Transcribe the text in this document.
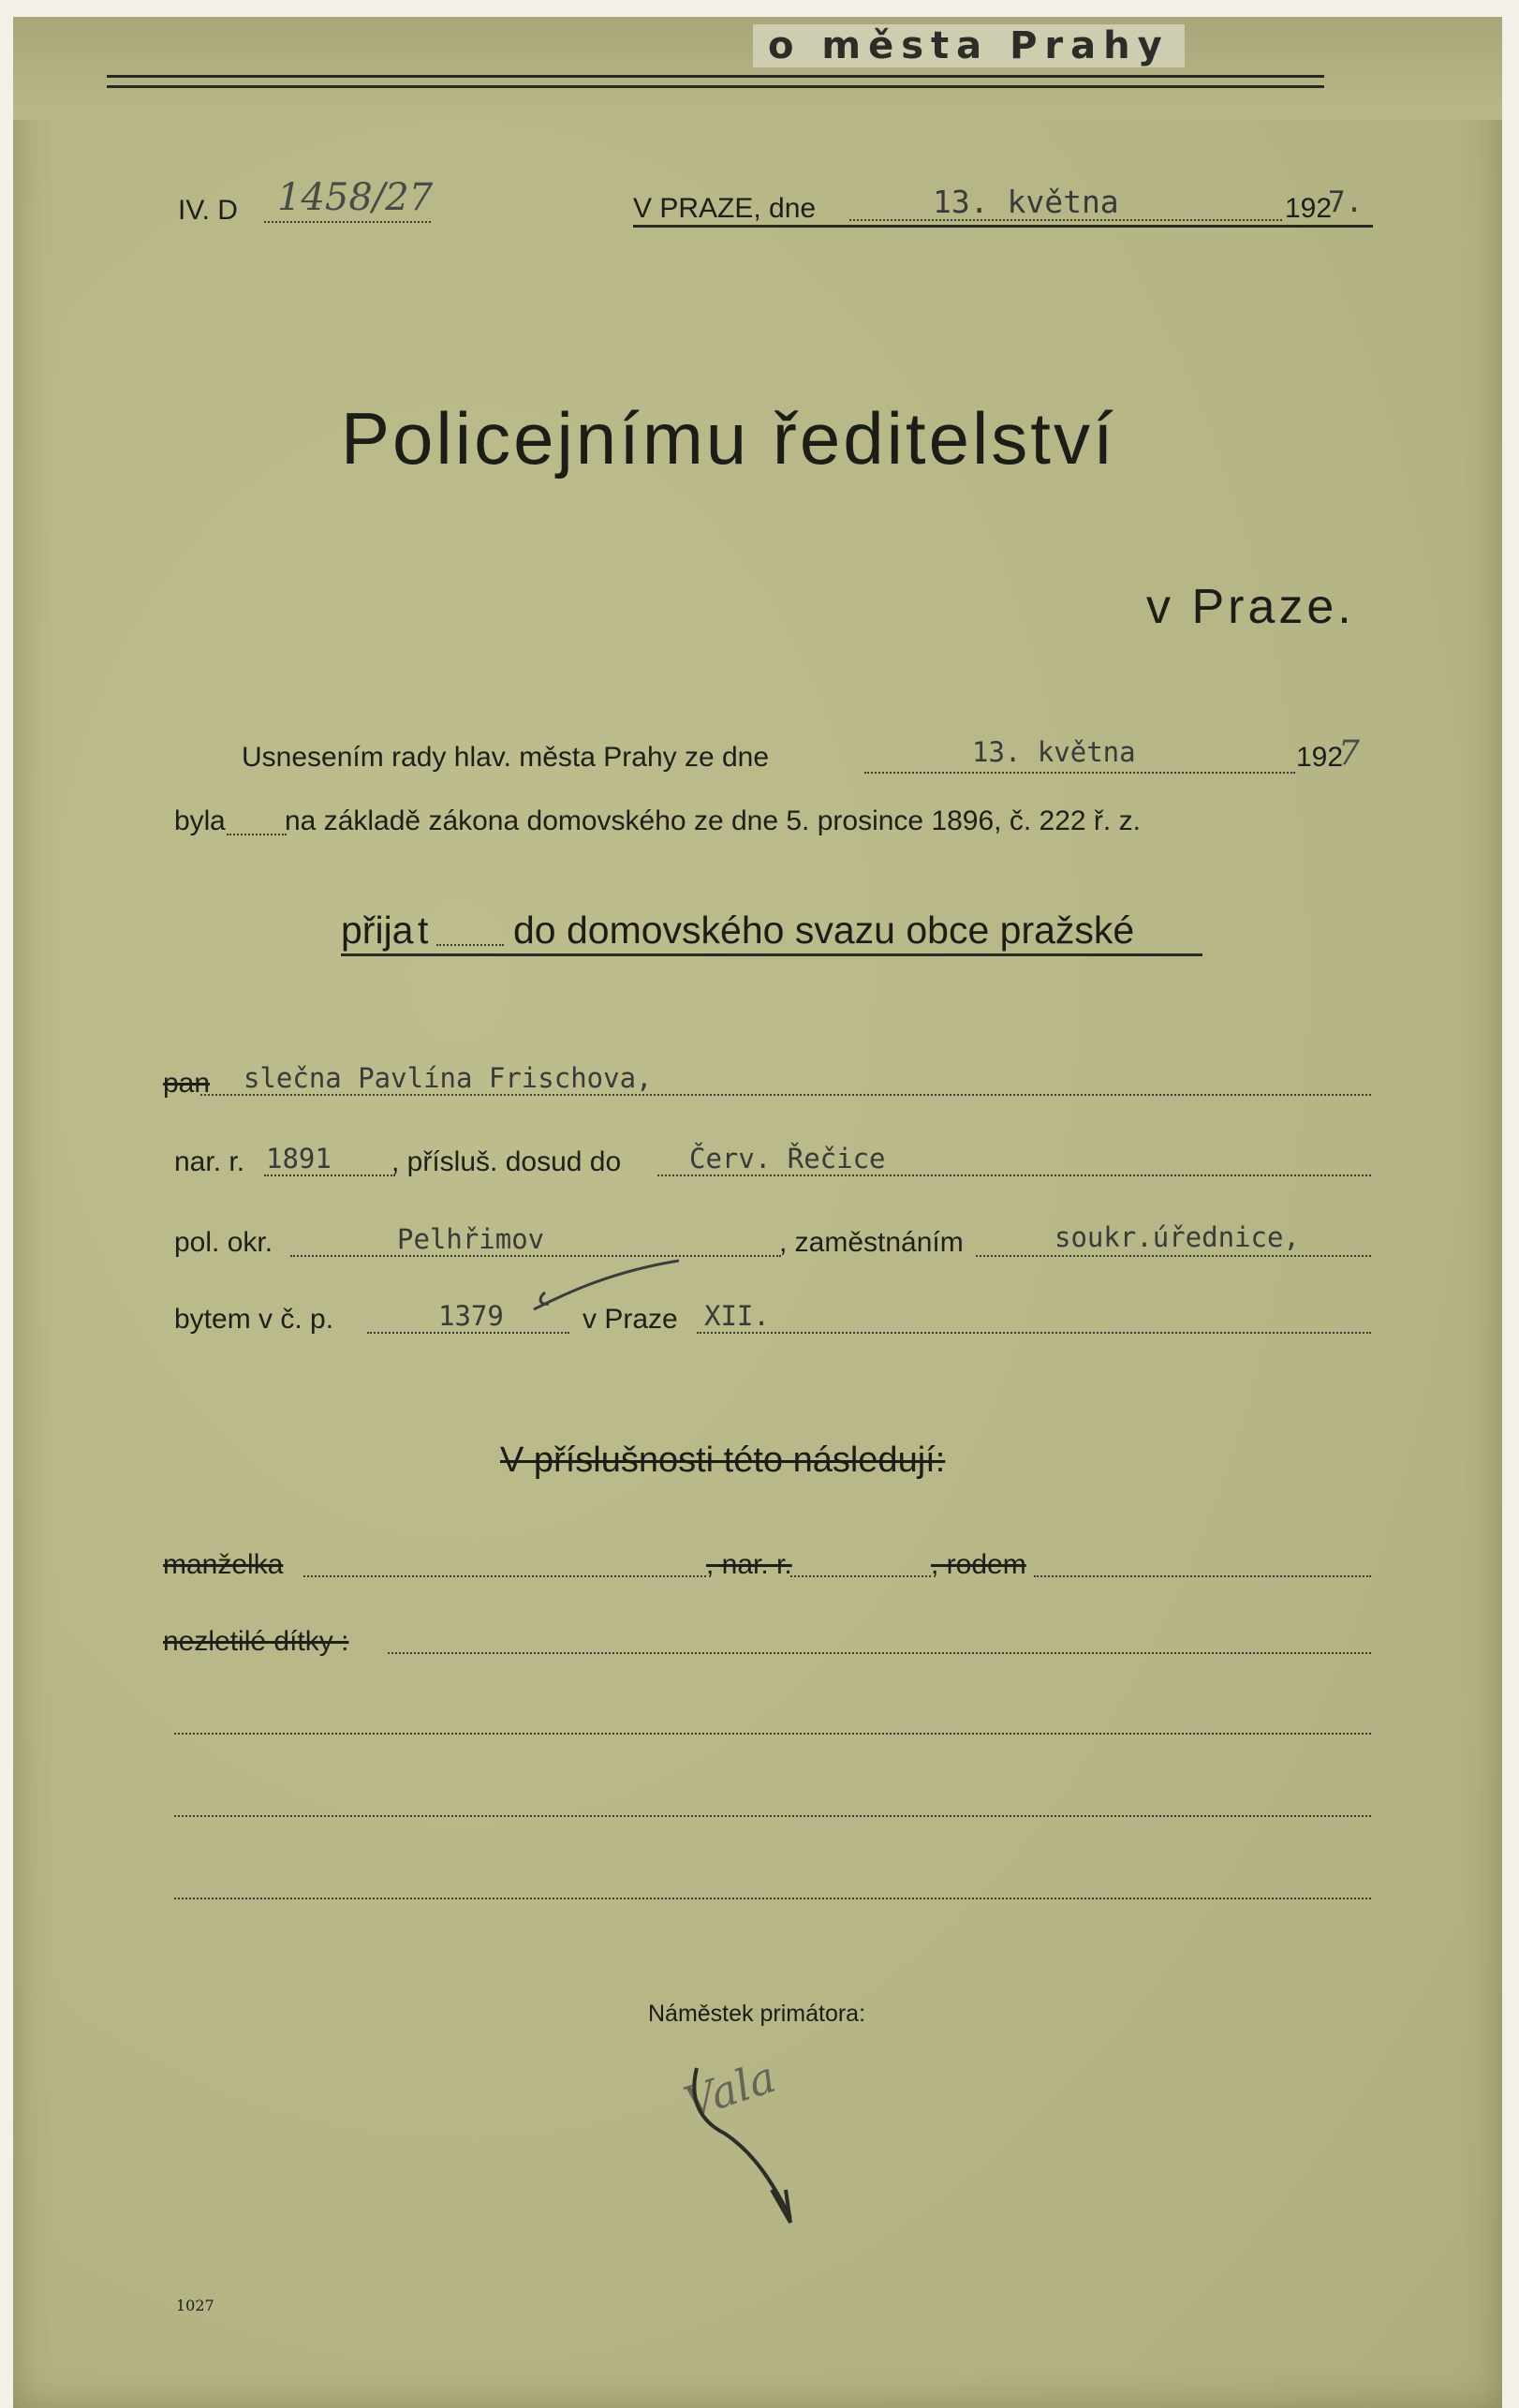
o města Prahy
IV. D 1458/27	V PRAZE, dne	13. května	192
7.
Policejnímu ředitelství
v Praze.
Usnesením rady hlav. města Prahy ze dne	13. května	192
7
byl a na základě zákona domovského ze dne 5. prosince 1896, č. 222 ř. z.
přija t do domovského svazu obce pražské
pan slečna Pavlína Frischova,
nar. r. 1891 , přísluš. dosud do	Červ. Řečice
pol. okr.	Pelhřimov	, zaměstnáním	soukr.úřednice,
bytem v č. p.	1379	v Praze XII.
V příslušnosti této následují:
manželka	, nar. r.	, rodem
nezletilé dítky :
Náměstek primátora:
Vala
1027
